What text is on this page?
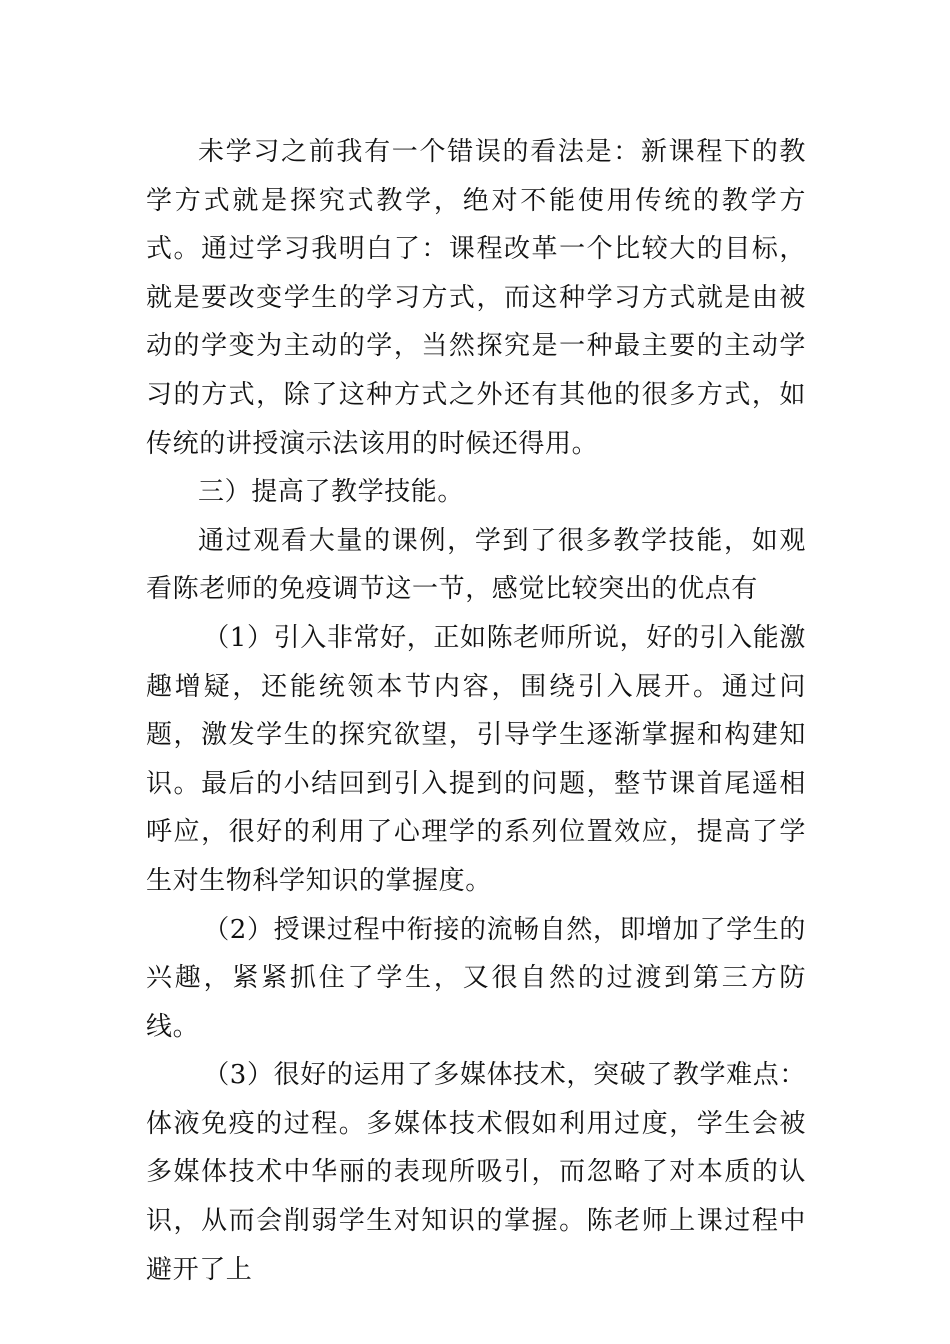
未学习之前我有一个错误的看法是：新课程下的教学方式就是探究式教学，绝对不能使用传统的教学方式。通过学习我明白了：课程改革一个比较大的目标，就是要改变学生的学习方式，而这种学习方式就是由被动的学变为主动的学，当然探究是一种最主要的主动学习的方式，除了这种方式之外还有其他的很多方式，如传统的讲授演示法该用的时候还得用。

三）提高了教学技能。

通过观看大量的课例，学到了很多教学技能，如观看陈老师的免疫调节这一节，感觉比较突出的优点有

（1）引入非常好，正如陈老师所说，好的引入能激趣增疑，还能统领本节内容，围绕引入展开。通过问题，激发学生的探究欲望，引导学生逐渐掌握和构建知识。最后的小结回到引入提到的问题，整节课首尾遥相呼应，很好的利用了心理学的系列位置效应，提高了学生对生物科学知识的掌握度。

（2）授课过程中衔接的流畅自然，即增加了学生的兴趣，紧紧抓住了学生，又很自然的过渡到第三方防线。

（3）很好的运用了多媒体技术，突破了教学难点：体液免疫的过程。多媒体技术假如利用过度，学生会被多媒体技术中华丽的表现所吸引，而忽略了对本质的认识，从而会削弱学生对知识的掌握。陈老师上课过程中避开了上
